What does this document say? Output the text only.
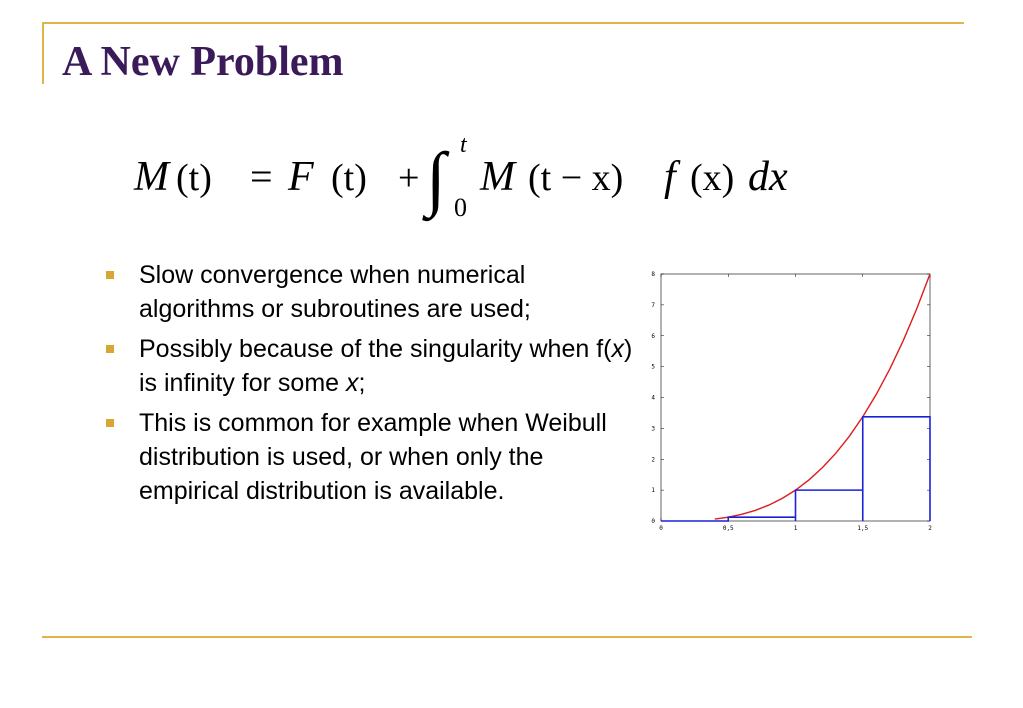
A New Problem
M (t) = F (t) + ∫ t
0
M (t − x) f (x) dx
Slow convergence when numerical algorithms or subroutines are used;
Possibly because of the singularity when f(x) is infinity for some x;
This is common for example when Weibull distribution is used, or when only the empirical distribution is available.
0	0,5	1	1,5	2
0
1
2
3
4
5
6
7
8
